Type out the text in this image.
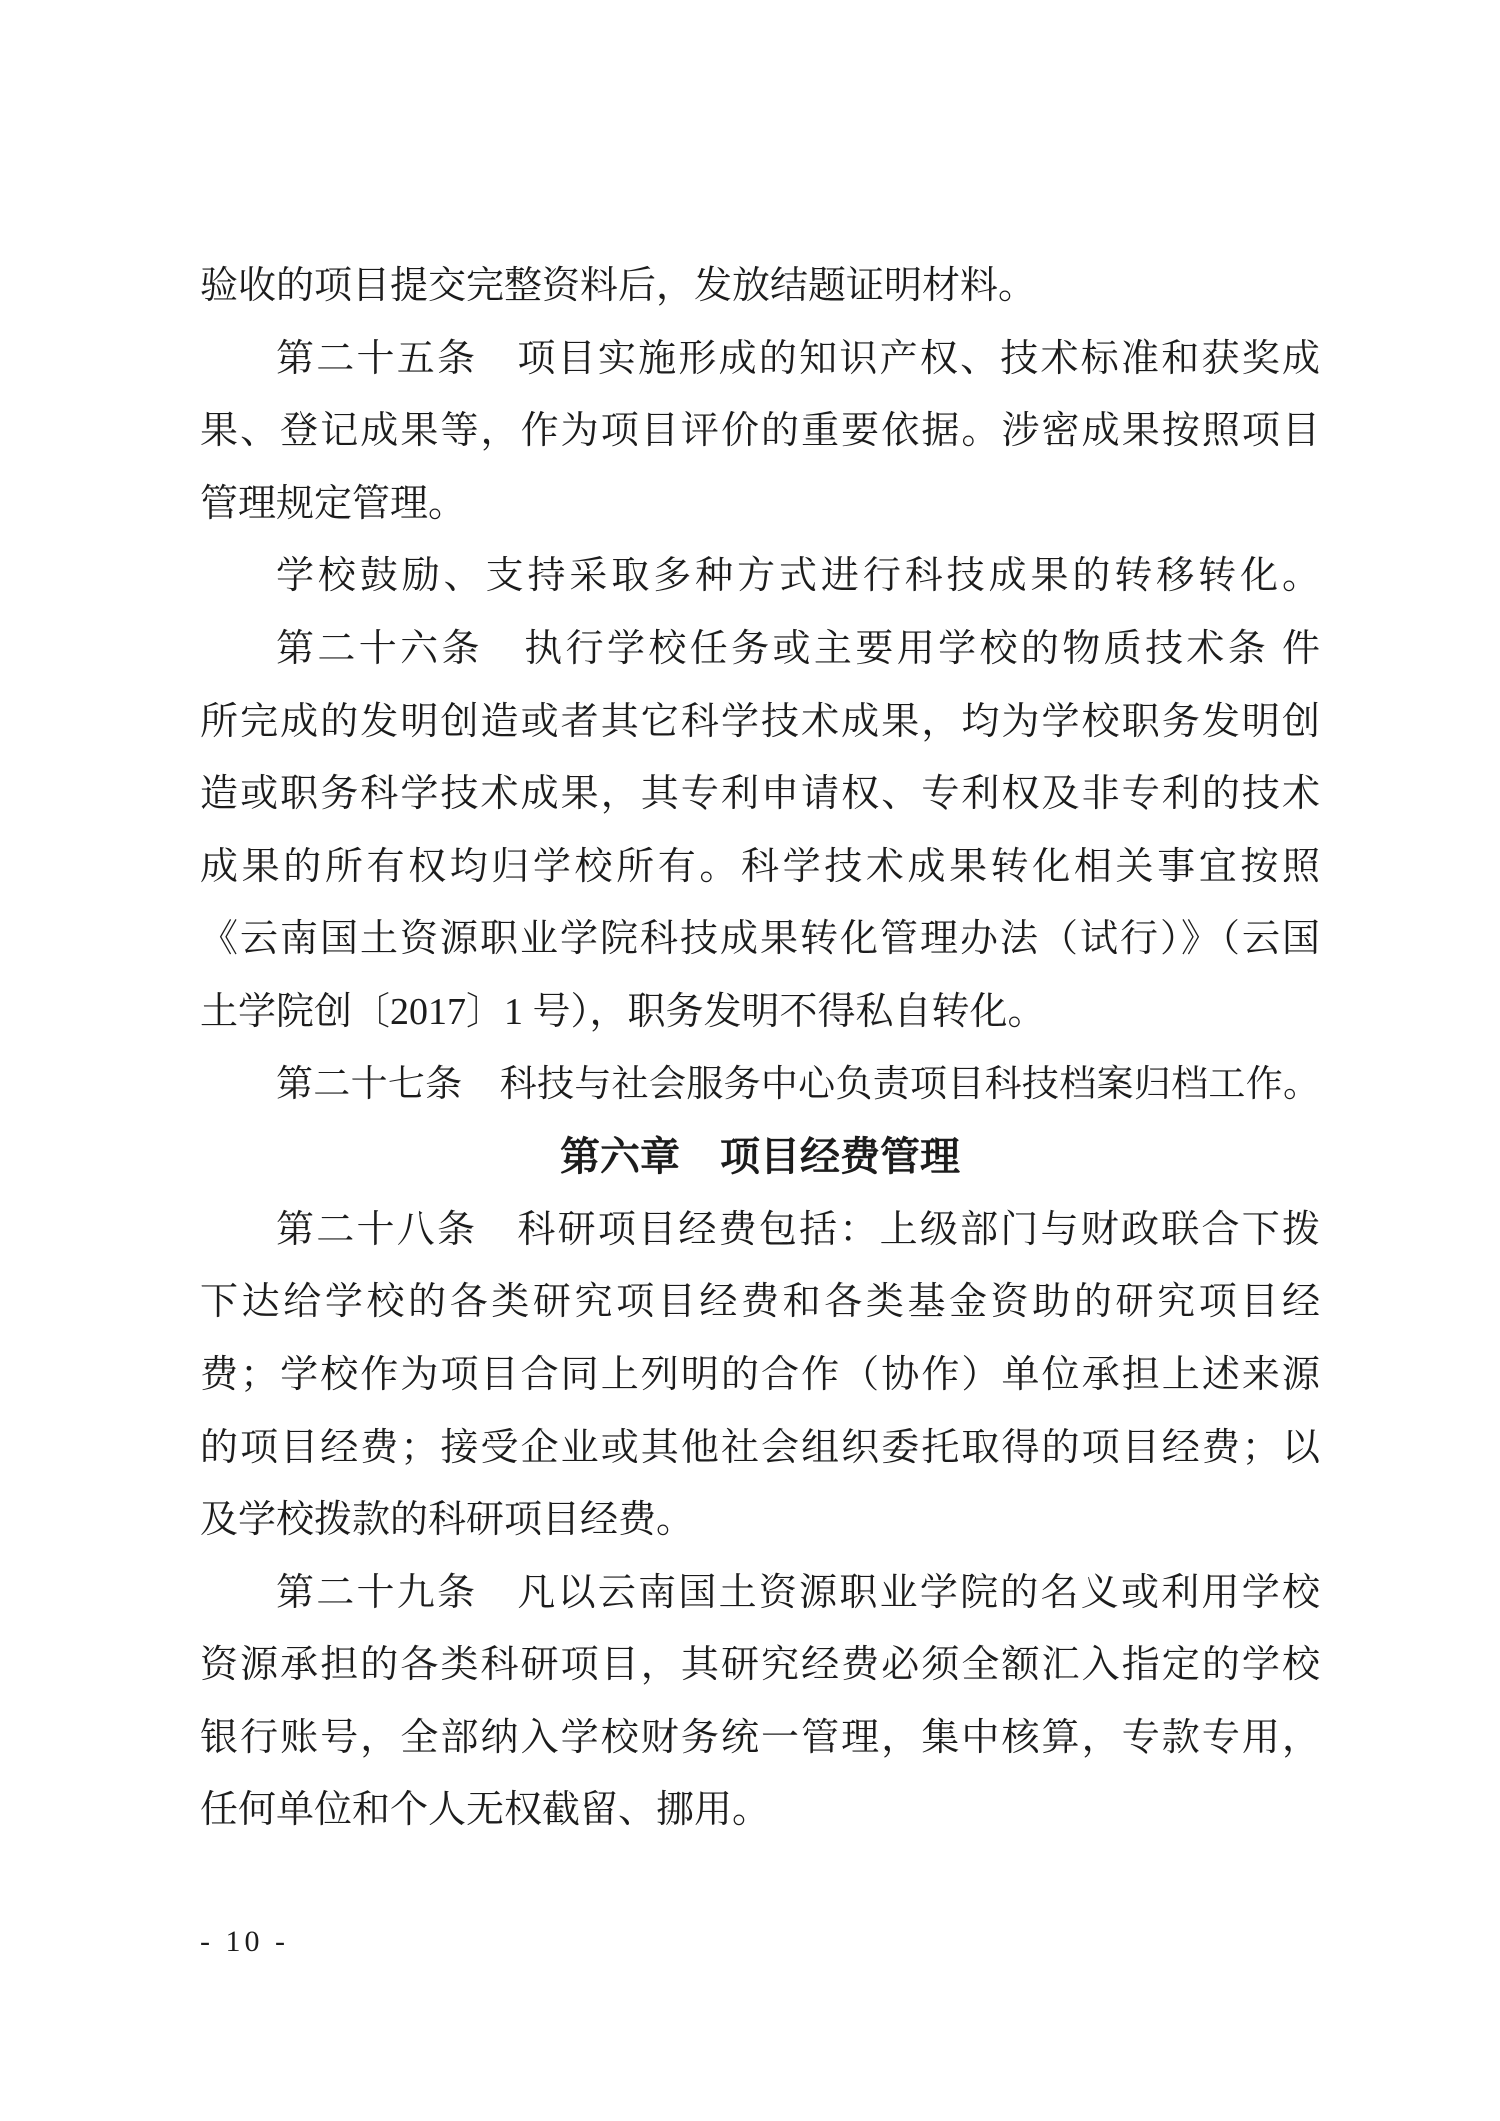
验收的项目提交完整资料后，发放结题证明材料。
第二十五条　项目实施形成的知识产权、技术标准和获奖成
果、登记成果等，作为项目评价的重要依据。涉密成果按照项目
管理规定管理。
学校鼓励、支持采取多种方式进行科技成果的转移转化。
第二十六条　执行学校任务或主要用学校的物质技术条 件
所完成的发明创造或者其它科学技术成果，均为学校职务发明创
造或职务科学技术成果，其专利申请权、专利权及非专利的技术
成果的所有权均归学校所有。科学技术成果转化相关事宜按照
《云南国土资源职业学院科技成果转化管理办法（试行）》（云国
土学院创〔2017〕1 号），职务发明不得私自转化。
第二十七条　科技与社会服务中心负责项目科技档案归档工作。
第六章　项目经费管理
第二十八条　科研项目经费包括：上级部门与财政联合下拨
下达给学校的各类研究项目经费和各类基金资助的研究项目经
费；学校作为项目合同上列明的合作（协作）单位承担上述来源
的项目经费；接受企业或其他社会组织委托取得的项目经费；以
及学校拨款的科研项目经费。
第二十九条　凡以云南国土资源职业学院的名义或利用学校
资源承担的各类科研项目，其研究经费必须全额汇入指定的学校
银行账号，全部纳入学校财务统一管理，集中核算，专款专用，
任何单位和个人无权截留、挪用。
- 10 -
